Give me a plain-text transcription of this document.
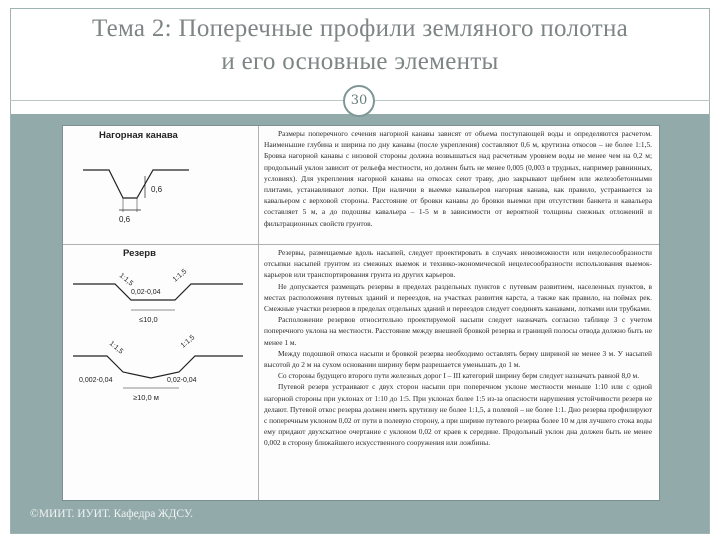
Тема 2: Поперечные профили земляного полотна
и его основные элементы
30
Нагорная канава
0,6
0,6
Резерв
1:1,5	1:1,5
0,02-0,04
≤10,0
1:1,5	1:1,5
0,002-0,04	0,02-0,04
≥10,0 м
Размеры поперечного сечения нагорной канавы зависят от объема поступающей воды и определяются расчетом. Наименьшие глубина и ширина по дну канавы (после укрепления) составляют 0,6 м, крутизна откосов – не более 1:1,5. Бровка нагорной канавы с низовой стороны должна возвышаться над расчетным уровнем воды не менее чем на 0,2 м; продольный уклон зависит от рельефа местности, но должен быть не менее 0,005 (0,003 в трудных, например равнинных, условиях). Для укрепления нагорной канавы на откосах сеют траву, дно закрывают щебнем или железобетонными плитами, устанавливают лотки. При наличии в выемке кавальеров нагорная канава, как правило, устраивается за кавальером с верховой стороны. Расстояние от бровки канавы до бровки выемки при отсутствии банкета и кавальера составляет 5 м, а до подошвы кавальера – 1-5 м в зависимости от вероятной толщины снежных отложений и фильтрационных свойств грунтов.
Резервы, размещаемые вдоль насыпей, следует проектировать в случаях невозможности или нецелесообразности отсыпки насыпей грунтом из смежных выемок и технико-экономической нецелесообразности использования выемок-карьеров или транспортирования грунта из других карьеров.
Не допускается размещать резервы в пределах раздельных пунктов с путевым развитием, населенных пунктов, в местах расположения путевых зданий и переездов, на участках развития карста, а также как правило, на поймах рек. Смежные участки резервов в пределах отдельных зданий и переездов следует соединять канавами, лотками или трубками.
Расположение резервов относительно проектируемой насыпи следует назначать согласно таблице 3 с учетом поперечного уклона на местности. Расстояние между внешней бровкой резерва и границей полосы отвода должно быть не менее 1 м.
Между подошвой откоса насыпи и бровкой резерва необходимо оставлять берму шириной не менее 3 м. У насыпей высотой до 2 м на сухом основании ширину берм разрешается уменьшать до 1 м.
Со стороны будущего второго пути железных дорог I – III категорий ширину берм следует назначать равной 8,0 м.
Путевой резерв устраивают с двух сторон насыпи при поперечном уклоне местности меньше 1:10 или с одной нагорной стороны при уклонах от 1:10 до 1:5. При уклонах более 1:5 из-за опасности нарушения устойчивости резерв не делают. Путевой откос резерва должен иметь крутизну не более 1:1,5, а полевой – не более 1:1. Дно резерва профилируют с поперечным уклоном 0,02 от пути в полевую сторону, а при ширине путевого резерва более 10 м для лучшего стока воды ему придают двухскатное очертание с уклоном 0,02 от краев к середине. Продольный уклон дна должен быть не менее 0,002 в сторону ближайшего искусственного сооружения или ложбины.
©МИИТ. ИУИТ. Кафедра ЖДСУ.
